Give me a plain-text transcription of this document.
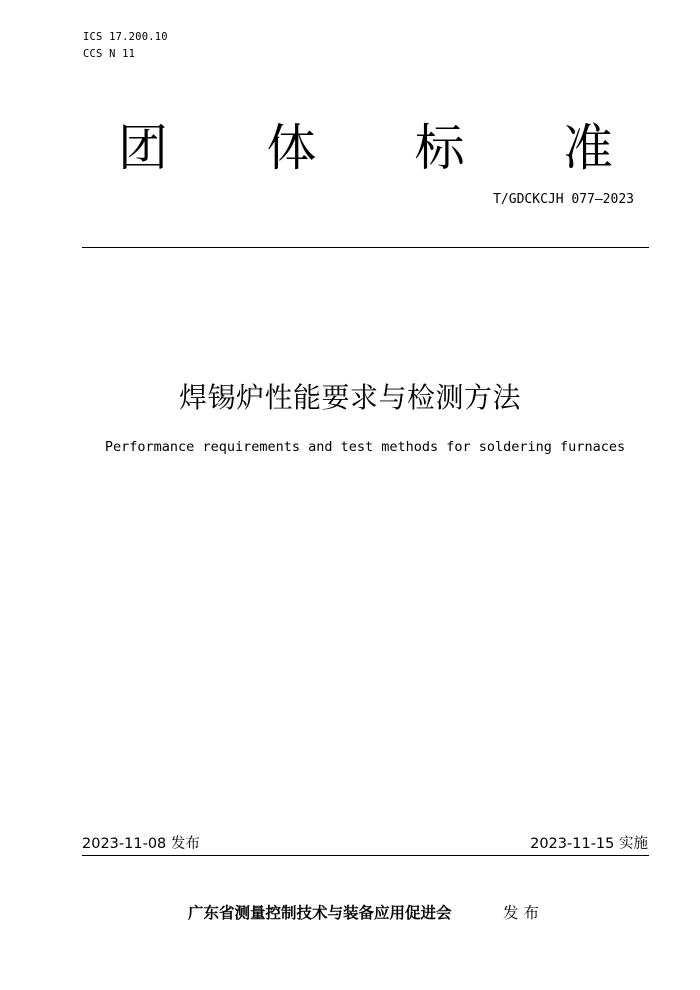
ICS 17.200.10
CCS N 11
团 体 标 准
T/GDCKCJH 077—2023
焊锡炉性能要求与检测方法
Performance requirements and test methods for soldering furnaces
2023-11-08 发布	2023-11-15 实施
广东省测量控制技术与装备应用促进会	发布
